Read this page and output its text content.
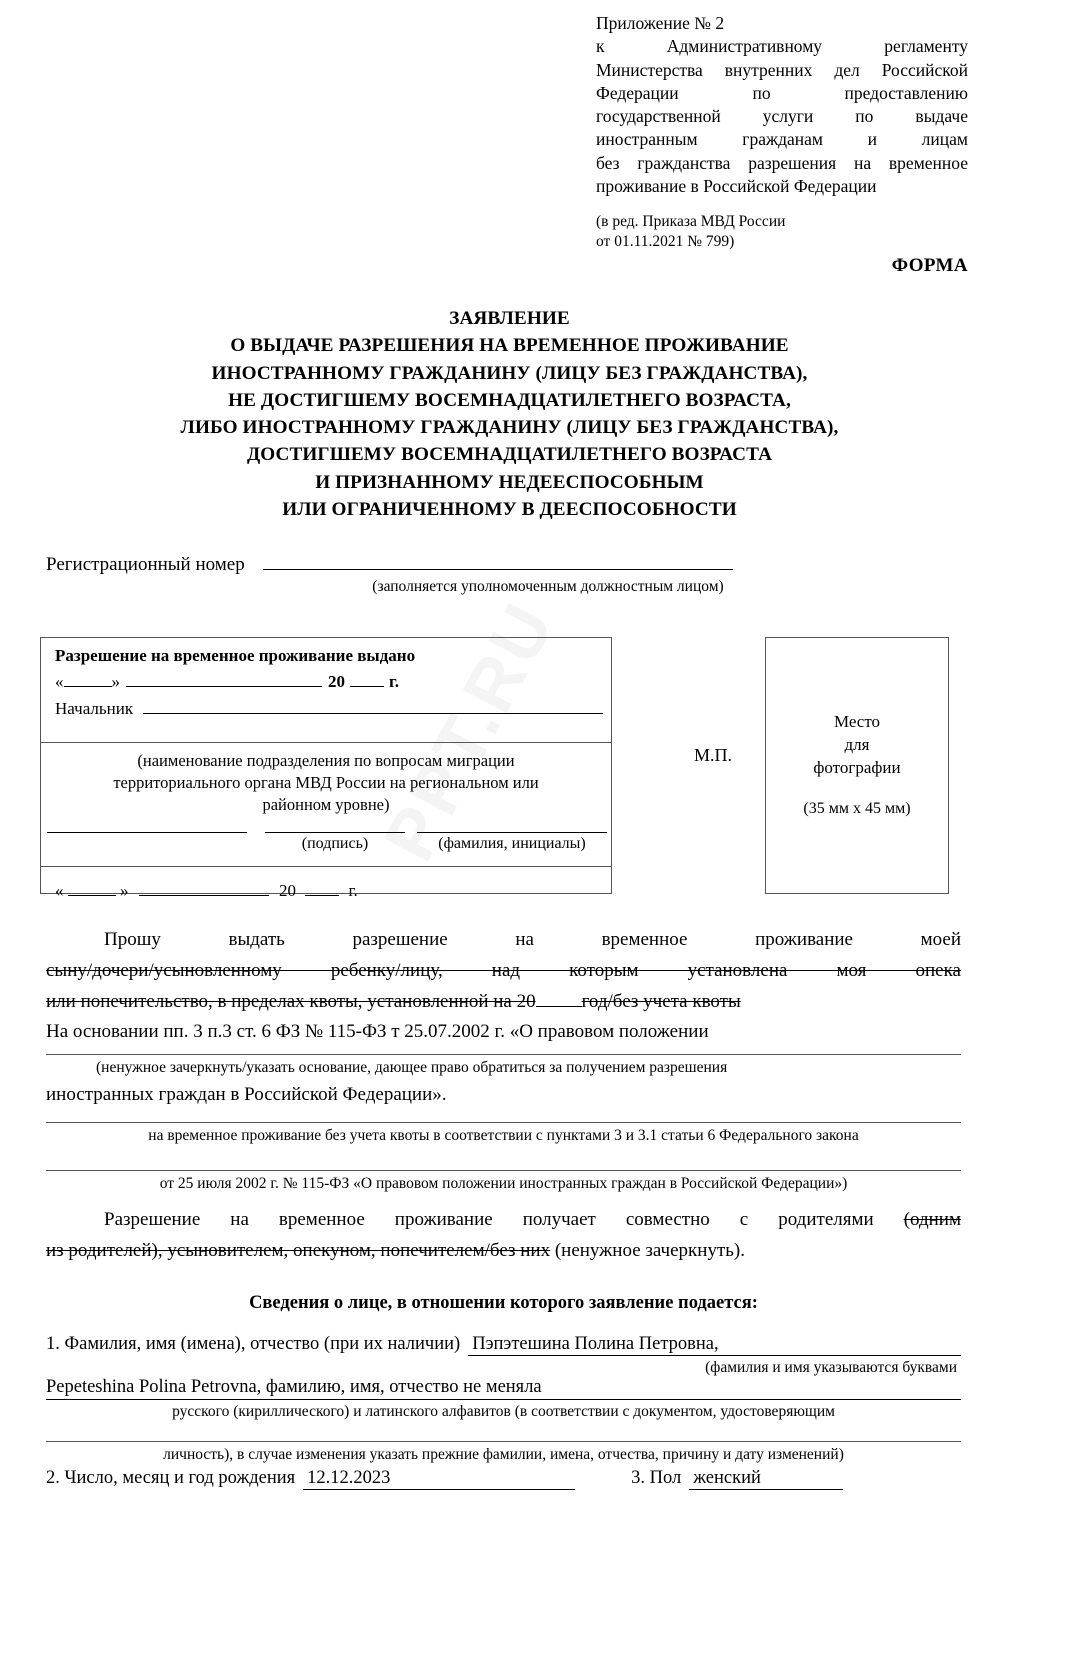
Приложение № 2
к Административному регламенту
Министерства внутренних дел Российской
Федерации по предоставлению
государственной услуги по выдаче
иностранным гражданам и лицам
без гражданства разрешения на временное
проживание в Российской Федерации
(в ред. Приказа МВД России
от 01.11.2021 № 799)
ФОРМА
ЗАЯВЛЕНИЕ
О ВЫДАЧЕ РАЗРЕШЕНИЯ НА ВРЕМЕННОЕ ПРОЖИВАНИЕ
ИНОСТРАННОМУ ГРАЖДАНИНУ (ЛИЦУ БЕЗ ГРАЖДАНСТВА),
НЕ ДОСТИГШЕМУ ВОСЕМНАДЦАТИЛЕТНЕГО ВОЗРАСТА,
ЛИБО ИНОСТРАННОМУ ГРАЖДАНИНУ (ЛИЦУ БЕЗ ГРАЖДАНСТВА),
ДОСТИГШЕМУ ВОСЕМНАДЦАТИЛЕТНЕГО ВОЗРАСТА
И ПРИЗНАННОМУ НЕДЕЕСПОСОБНЫМ
ИЛИ ОГРАНИЧЕННОМУ В ДЕЕСПОСОБНОСТИ
Регистрационный номер
(заполняется уполномоченным должностным лицом)
Разрешение на временное проживание выдано
«	»	20	г.
Начальник
(наименование подразделения по вопросам миграции
территориального органа МВД России на региональном или
районном уровне)

(подпись)	(фамилия, инициалы)
«	»	20	г.
М.П.
Место
для
фотографии
(35 мм х 45 мм)
Прошу выдать разрешение на временное проживание моей
сыну/дочери/усыновленному ребенку/лицу, над которым установлена моя опека
или попечительство, в пределах квоты, установленной на 20 год/без учета квоты
На основании пп. 3 п.3 ст. 6 ФЗ № 115-ФЗ т 25.07.2002 г. «О правовом положении
(ненужное зачеркнуть/указать основание, дающее право обратиться за получением разрешения
иностранных граждан в Российской Федерации».
на временное проживание без учета квоты в соответствии с пунктами 3 и 3.1 статьи 6 Федерального закона
от 25 июля 2002 г. № 115-ФЗ «О правовом положении иностранных граждан в Российской Федерации»)
Разрешение на временное проживание получает совместно с родителями (одним
из родителей), усыновителем, опекуном, попечителем/без них (ненужное зачеркнуть).
Сведения о лице, в отношении которого заявление подается:
1. Фамилия, имя (имена), отчество (при их наличии) Пэпэтешина Полина Петровна,
(фамилия и имя указываются буквами
Pepeteshina Polina Petrovna, фамилию, имя, отчество не меняла
русского (кириллического) и латинского алфавитов (в соответствии с документом, удостоверяющим
личность), в случае изменения указать прежние фамилии, имена, отчества, причину и дату изменений)
2. Число, месяц и год рождения 12.12.2023	3. Пол женский
